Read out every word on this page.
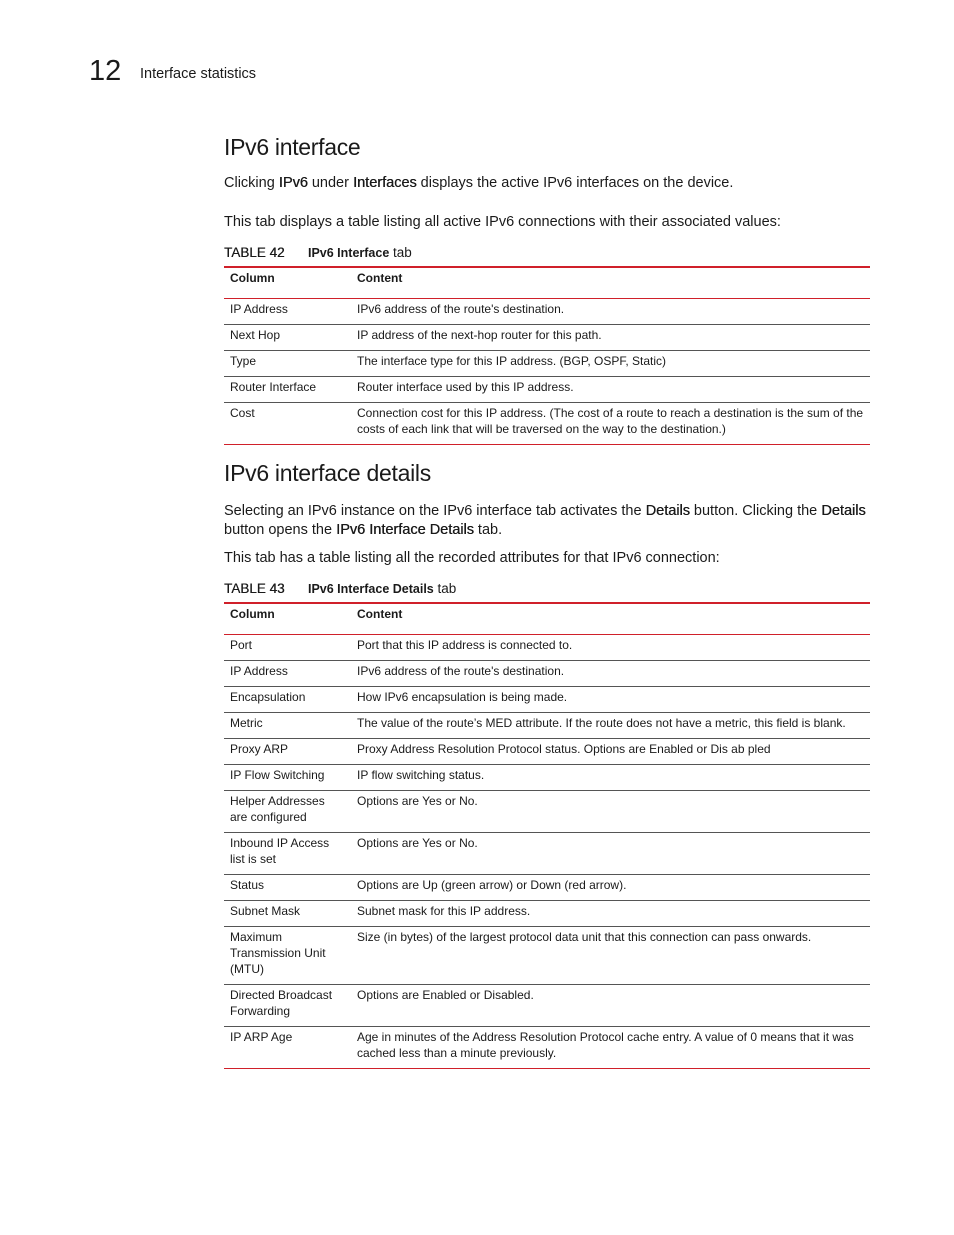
12 Interface statistics
IPv6 interface

Clicking IPv6 under Interfaces displays the active IPv6 interfaces on the device.

This tab displays a table listing all active IPv6 connections with their associated values:

TABLE 42	IPv6 Interface tab
Column	Content
IP Address	IPv6 address of the route's destination.
Next Hop	IP address of the next-hop router for this path.
Type	The interface type for this IP address. (BGP, OSPF, Static)
Router Interface	Router interface used by this IP address.
Cost	Connection cost for this IP address. (The cost of a route to reach a destination is the sum of the costs of each link that will be traversed on the way to the destination.)
IPv6 interface details

Selecting an IPv6 instance on the IPv6 interface tab activates the Details button. Clicking the Details button opens the IPv6 Interface Details tab.

This tab has a table listing all the recorded attributes for that IPv6 connection:

TABLE 43	IPv6 Interface Details tab
Column	Content
Port	Port that this IP address is connected to.
IP Address	IPv6 address of the route's destination.
Encapsulation	How IPv6 encapsulation is being made.
Metric	The value of the route’s MED attribute. If the route does not have a metric, this field is blank.
Proxy ARP	Proxy Address Resolution Protocol status. Options are Enabled or Dis ab pled
IP Flow Switching	IP flow switching status.
Helper Addresses are configured	Options are Yes or No.
Inbound IP Access list is set	Options are Yes or No.
Status	Options are Up (green arrow) or Down (red arrow).
Subnet Mask	Subnet mask for this IP address.
Maximum Transmission Unit (MTU)	Size (in bytes) of the largest protocol data unit that this connection can pass onwards.
Directed Broadcast Forwarding	Options are Enabled or Disabled.
IP ARP Age	Age in minutes of the Address Resolution Protocol cache entry. A value of 0 means that it was cached less than a minute previously.
